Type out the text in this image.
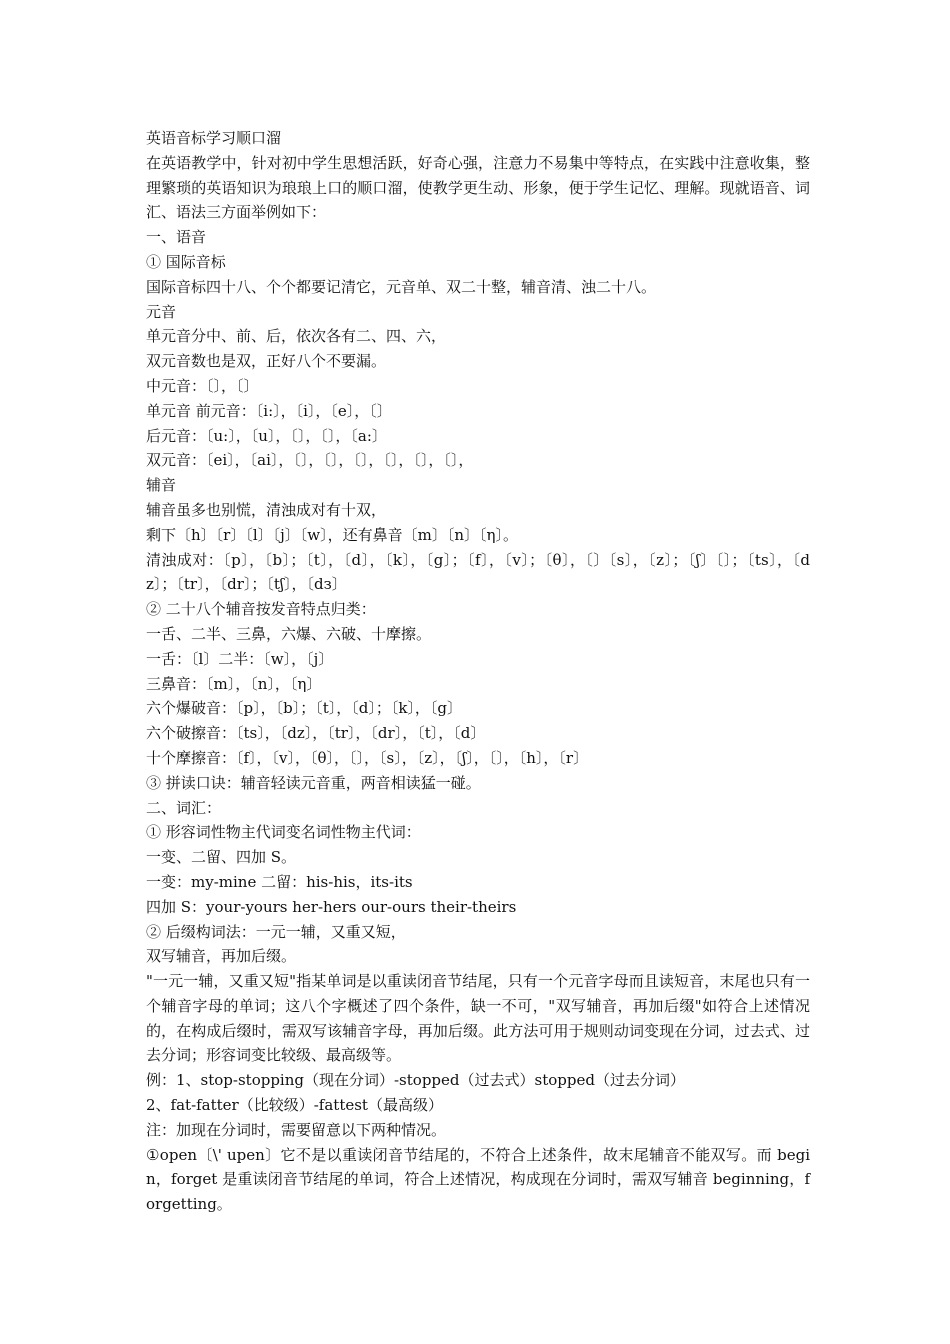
英语音标学习顺口溜
在英语教学中，针对初中学生思想活跃，好奇心强，注意力不易集中等特点，在实践中注意收集，整理繁琐的英语知识为琅琅上口的顺口溜，使教学更生动、形象，便于学生记忆、理解。现就语音、词汇、语法三方面举例如下：
一、语音
① 国际音标
国际音标四十八、个个都要记清它，元音单、双二十整，辅音清、浊二十八。
元音
单元音分中、前、后，依次各有二、四、六，
双元音数也是双，正好八个不要漏。
中元音：〔〕，〔〕
单元音 前元音：〔i:〕，〔i〕，〔e〕，〔〕
后元音：〔u:〕，〔u〕，〔〕，〔〕，〔a:〕
双元音：〔ei〕，〔ai〕，〔〕，〔〕，〔〕，〔〕，〔〕，〔〕，
辅音
辅音虽多也别慌，清浊成对有十双，
剩下〔h〕〔r〕〔l〕〔j〕〔w〕，还有鼻音〔m〕〔n〕〔η〕。
清浊成对：〔p〕，〔b〕；〔t〕，〔d〕，〔k〕，〔g〕；〔f〕，〔v〕；〔θ〕，〔〕〔s〕，〔z〕；〔ʃ〕〔〕；〔ts〕，〔dz〕；〔tr〕，〔dr〕；〔tʃ〕，〔dз〕
② 二十八个辅音按发音特点归类：
一舌、二半、三鼻，六爆、六破、十摩擦。
一舌：〔l〕二半：〔w〕，〔j〕
三鼻音：〔m〕，〔n〕，〔η〕
六个爆破音：〔p〕，〔b〕；〔t〕，〔d〕；〔k〕，〔g〕
六个破擦音：〔ts〕，〔dz〕，〔tr〕，〔dr〕，〔t〕，〔d〕
十个摩擦音：〔f〕，〔v〕，〔θ〕，〔〕，〔s〕，〔z〕，〔ʃ〕，〔〕，〔h〕，〔r〕
③ 拼读口诀：辅音轻读元音重，两音相读猛一碰。
二、词汇：
① 形容词性物主代词变名词性物主代词：
一变、二留、四加 S。
一变：my-mine 二留：his-his，its-its
四加 S：your-yours her-hers our-ours their-theirs
② 后缀构词法：一元一辅，又重又短，
双写辅音，再加后缀。
"一元一辅，又重又短"指某单词是以重读闭音节结尾，只有一个元音字母而且读短音，末尾也只有一个辅音字母的单词；这八个字概述了四个条件，缺一不可，"双写辅音，再加后缀"如符合上述情况的，在构成后缀时，需双写该辅音字母，再加后缀。此方法可用于规则动词变现在分词，过去式、过去分词；形容词变比较级、最高级等。
例：1、stop-stopping（现在分词）-stopped（过去式）stopped（过去分词）
2、fat-fatter（比较级）-fattest（最高级）
注：加现在分词时，需要留意以下两种情况。
①open〔\' upen〕它不是以重读闭音节结尾的，不符合上述条件，故末尾辅音不能双写。而 begin，forget 是重读闭音节结尾的单词，符合上述情况，构成现在分词时，需双写辅音 beginning，forgetting。
